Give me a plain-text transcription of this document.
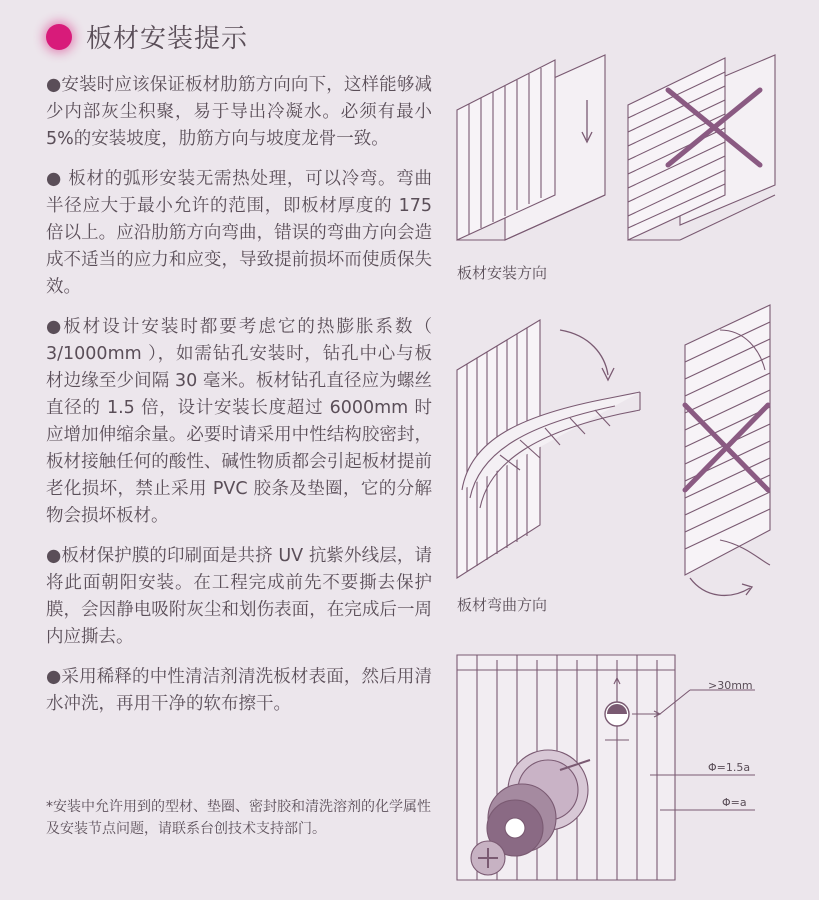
板材安装提示

●安装时应该保证板材肋筋方向向下，这样能够减少内部灰尘积聚，易于导出冷凝水。必须有最小 5%的安装坡度，肋筋方向与坡度龙骨一致。

● 板材的弧形安装无需热处理，可以冷弯。弯曲半径应大于最小允许的范围，即板材厚度的 175 倍以上。应沿肋筋方向弯曲，错误的弯曲方向会造成不适当的应力和应变，导致提前损坏而使质保失效。

●板材设计安装时都要考虑它的热膨胀系数（ 3/1000mm ），如需钻孔安装时，钻孔中心与板材边缘至少间隔 30 毫米。板材钻孔直径应为螺丝直径的 1.5 倍，设计安装长度超过 6000mm 时应增加伸缩余量。必要时请采用中性结构胶密封，板材接触任何的酸性、碱性物质都会引起板材提前老化损坏，禁止采用 PVC 胶条及垫圈，它的分解物会损坏板材。

●板材保护膜的印刷面是共挤 UV 抗紫外线层，请将此面朝阳安装。在工程完成前先不要撕去保护膜，会因静电吸附灰尘和划伤表面，在完成后一周内应撕去。

●采用稀释的中性清洁剂清洗板材表面，然后用清水冲洗，再用干净的软布擦干。

*安装中允许用到的型材、垫圈、密封胶和清洗溶剂的化学属性及安装节点问题，请联系台创技术支持部门。
板材安装方向
板材弯曲方向
>30mm
Φ=1.5a
Φ=a
